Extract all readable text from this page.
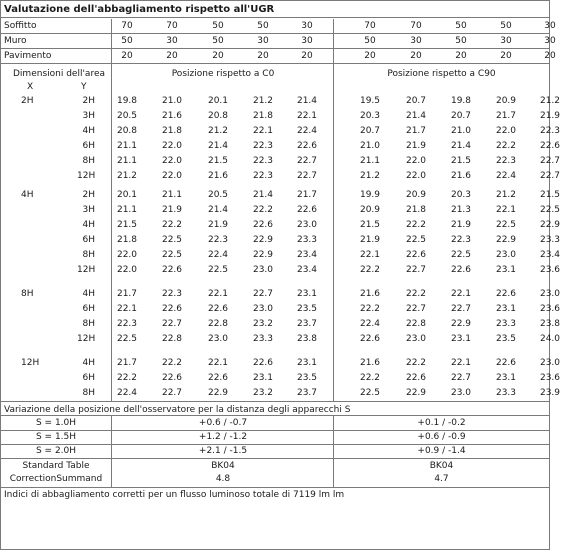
Valutazione dell'abbagliamento rispetto all'UGR
Soffitto	70	70	50	50	30	70	70	50	50	30
Muro	50	30	50	30	30	50	30	50	30	30
Pavimento	20	20	20	20	20	20	20	20	20	20
Dimensioni dell'area
X	Y
Posizione rispetto a C0	Posizione rispetto a C90
2H	2H	19.8	21.0	20.1	21.2	21.4	19.5	20.7	19.8	20.9	21.2
3H	20.5	21.6	20.8	21.8	22.1	20.3	21.4	20.7	21.7	21.9
4H	20.8	21.8	21.2	22.1	22.4	20.7	21.7	21.0	22.0	22.3
6H	21.1	22.0	21.4	22.3	22.6	21.0	21.9	21.4	22.2	22.6
8H	21.1	22.0	21.5	22.3	22.7	21.1	22.0	21.5	22.3	22.7
12H	21.2	22.0	21.6	22.3	22.7	21.2	22.0	21.6	22.4	22.7
4H	2H	20.1	21.1	20.5	21.4	21.7	19.9	20.9	20.3	21.2	21.5
3H	21.1	21.9	21.4	22.2	22.6	20.9	21.8	21.3	22.1	22.5
4H	21.5	22.2	21.9	22.6	23.0	21.5	22.2	21.9	22.5	22.9
6H	21.8	22.5	22.3	22.9	23.3	21.9	22.5	22.3	22.9	23.3
8H	22.0	22.5	22.4	22.9	23.4	22.1	22.6	22.5	23.0	23.4
12H	22.0	22.6	22.5	23.0	23.4	22.2	22.7	22.6	23.1	23.6
8H	4H	21.7	22.3	22.1	22.7	23.1	21.6	22.2	22.1	22.6	23.0
6H	22.1	22.6	22.6	23.0	23.5	22.2	22.7	22.7	23.1	23.6
8H	22.3	22.7	22.8	23.2	23.7	22.4	22.8	22.9	23.3	23.8
12H	22.5	22.8	23.0	23.3	23.8	22.6	23.0	23.1	23.5	24.0
12H	4H	21.7	22.2	22.1	22.6	23.1	21.6	22.2	22.1	22.6	23.0
6H	22.2	22.6	22.6	23.1	23.5	22.2	22.6	22.7	23.1	23.6
8H	22.4	22.7	22.9	23.2	23.7	22.5	22.9	23.0	23.3	23.9
Variazione della posizione dell'osservatore per la distanza degli apparecchi S
S = 1.0H	+0.6 / -0.7	+0.1 / -0.2
S = 1.5H	+1.2 / -1.2	+0.6 / -0.9
S = 2.0H	+2.1 / -1.5	+0.9 / -1.4
Standard Table	BK04	BK04
CorrectionSummand	4.8	4.7
Indici di abbagliamento corretti per un flusso luminoso totale di 7119 lm lm
